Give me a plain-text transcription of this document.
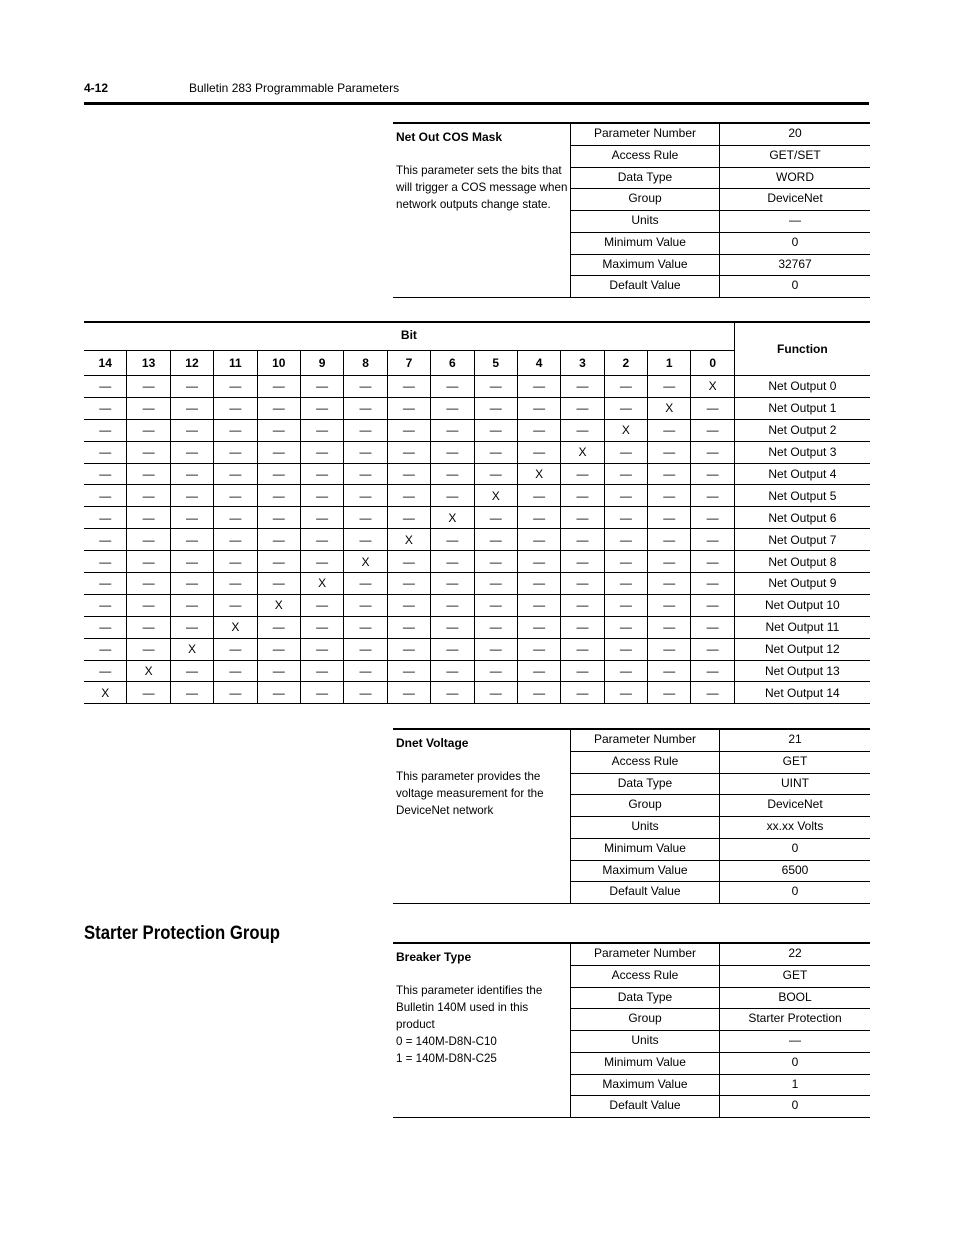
4-12	Bulletin 283 Programmable Parameters
Net Out COS Mask
This parameter sets the bits that
will trigger a COS message when
network outputs change state.
Parameter Number	20
Access Rule	GET/SET
Data Type	WORD
Group	DeviceNet
Units	—
Minimum Value	0
Maximum Value	32767
Default Value	0
Bit
Function
14	13	12	11	10	9	8	7	6	5	4	3	2	1	0
—	—	—	—	—	—	—	—	—	—	—	—	—	—	X	Net Output 0
—	—	—	—	—	—	—	—	—	—	—	—	—	X	—	Net Output 1
—	—	—	—	—	—	—	—	—	—	—	—	X	—	—	Net Output 2
—	—	—	—	—	—	—	—	—	—	—	X	—	—	—	Net Output 3
—	—	—	—	—	—	—	—	—	—	X	—	—	—	—	Net Output 4
—	—	—	—	—	—	—	—	—	X	—	—	—	—	—	Net Output 5
—	—	—	—	—	—	—	—	X	—	—	—	—	—	—	Net Output 6
—	—	—	—	—	—	—	X	—	—	—	—	—	—	—	Net Output 7
—	—	—	—	—	—	X	—	—	—	—	—	—	—	—	Net Output 8
—	—	—	—	—	X	—	—	—	—	—	—	—	—	—	Net Output 9
—	—	—	—	X	—	—	—	—	—	—	—	—	—	—	Net Output 10
—	—	—	X	—	—	—	—	—	—	—	—	—	—	—	Net Output 11
—	—	X	—	—	—	—	—	—	—	—	—	—	—	—	Net Output 12
—	X	—	—	—	—	—	—	—	—	—	—	—	—	—	Net Output 13
X	—	—	—	—	—	—	—	—	—	—	—	—	—	—	Net Output 14
Dnet Voltage
This parameter provides the
voltage measurement for the
DeviceNet network
Parameter Number	21
Access Rule	GET
Data Type	UINT
Group	DeviceNet
Units	xx.xx Volts
Minimum Value	0
Maximum Value	6500
Default Value	0
Starter Protection Group
Breaker Type
This parameter identifies the
Bulletin 140M used in this
product
0 = 140M-D8N-C10
1 = 140M-D8N-C25
Parameter Number	22
Access Rule	GET
Data Type	BOOL
Group	Starter Protection
Units	—
Minimum Value	0
Maximum Value	1
Default Value	0
